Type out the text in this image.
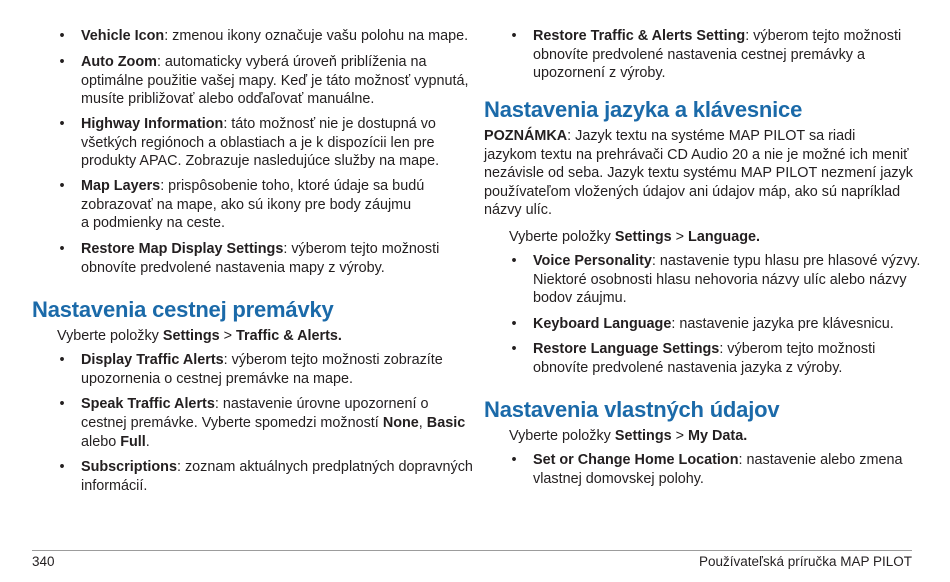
• Vehicle Icon: zmenou ikony označuje vašu polohu na mape.
• Auto Zoom: automaticky vyberá úroveň priblíženia na
optimálne použitie vašej mapy. Keď je táto možnosť vypnutá,
musíte približovať alebo odďaľovať manuálne.
• Highway Information: táto možnosť nie je dostupná vo
všetkých regiónoch a oblastiach a je k dispozícii len pre
produkty APAC. Zobrazuje nasledujúce služby na mape.
• Map Layers: prispôsobenie toho, ktoré údaje sa budú
zobrazovať na mape, ako sú ikony pre body záujmu
a podmienky na ceste.
• Restore Map Display Settings: výberom tejto možnosti
obnovíte predvolené nastavenia mapy z výroby.
Nastavenia cestnej premávky
Vyberte položky Settings > Traffic & Alerts.
• Display Traffic Alerts: výberom tejto možnosti zobrazíte
upozornenia o cestnej premávke na mape.
• Speak Traffic Alerts: nastavenie úrovne upozornení o
cestnej premávke. Vyberte spomedzi možností None, Basic
alebo Full.
• Subscriptions: zoznam aktuálnych predplatných dopravných
informácií.
• Restore Traffic & Alerts Setting: výberom tejto možnosti
obnovíte predvolené nastavenia cestnej premávky a
upozornení z výroby.
Nastavenia jazyka a klávesnice
POZNÁMKA: Jazyk textu na systéme MAP PILOT sa riadi
jazykom textu na prehrávači CD Audio 20 a nie je možné ich meniť
nezávisle od seba. Jazyk textu systému MAP PILOT nezmení jazyk
používateľom vložených údajov ani údajov máp, ako sú napríklad
názvy ulíc.
Vyberte položky Settings > Language.
• Voice Personality: nastavenie typu hlasu pre hlasové výzvy.
Niektoré osobnosti hlasu nehovoria názvy ulíc alebo názvy
bodov záujmu.
• Keyboard Language: nastavenie jazyka pre klávesnicu.
• Restore Language Settings: výberom tejto možnosti
obnovíte predvolené nastavenia jazyka z výroby.
Nastavenia vlastných údajov
Vyberte položky Settings > My Data.
• Set or Change Home Location: nastavenie alebo zmena
vlastnej domovskej polohy.
340	Používateľská príručka MAP PILOT
